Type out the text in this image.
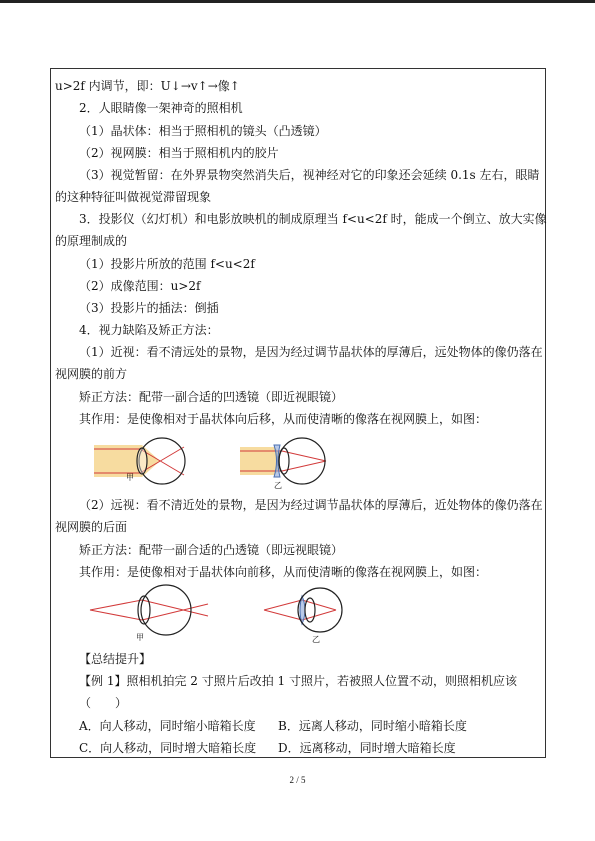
u>2f 内调节，即：U↓→v↑→像↑
2．人眼睛像一架神奇的照相机
（1）晶状体：相当于照相机的镜头（凸透镜）
（2）视网膜：相当于照相机内的胶片
（3）视觉暂留：在外界景物突然消失后，视神经对它的印象还会延续 0.1s 左右，眼睛
的这种特征叫做视觉滞留现象
3．投影仪（幻灯机）和电影放映机的制成原理当 f<u<2f 时，能成一个倒立、放大实像
的原理制成的
（1）投影片所放的范围 f<u<2f
（2）成像范围：u>2f
（3）投影片的插法：倒插
4．视力缺陷及矫正方法：
（1）近视：看不清远处的景物，是因为经过调节晶状体的厚薄后，远处物体的像仍落在
视网膜的前方
矫正方法：配带一副合适的凹透镜（即近视眼镜）
其作用：是使像相对于晶状体向后移，从而使清晰的像落在视网膜上，如图：
甲
乙
（2）远视：看不清近处的景物，是因为经过调节晶状体的厚薄后，近处物体的像仍落在
视网膜的后面
矫正方法：配带一副合适的凸透镜（即远视眼镜）
其作用：是使像相对于晶状体向前移，从而使清晰的像落在视网膜上，如图：
甲	乙
【总结提升】
【例 1】照相机拍完 2 寸照片后改拍 1 寸照片，若被照人位置不动，则照相机应该
（　　）
A．向人移动，同时缩小暗箱长度 B．远离人移动，同时缩小暗箱长度
C．向人移动，同时增大暗箱长度 D．远离移动，同时增大暗箱长度
2 / 5
